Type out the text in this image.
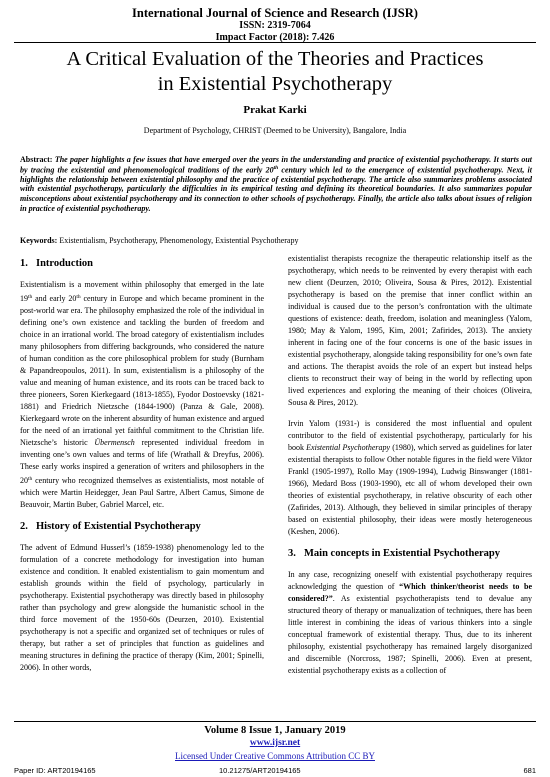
International Journal of Science and Research (IJSR)
ISSN: 2319-7064
Impact Factor (2018): 7.426
A Critical Evaluation of the Theories and Practices
in Existential Psychotherapy
Prakat Karki
Department of Psychology, CHRIST (Deemed to be University), Bangalore, India
Abstract: The paper highlights a few issues that have emerged over the years in the understanding and practice of existential psychotherapy. It starts out by tracing the existential and phenomenological traditions of the early 20th century which led to the emergence of existential psychotherapy. Next, it highlights the relationship between existential philosophy and the practice of existential psychotherapy. The article also summarizes problems associated with existential psychotherapy, particularly the difficulties in its empirical testing and defining its theoretical boundaries. It also summarizes popular misconceptions about existential psychotherapy and its connection to other schools of psychotherapy. Finally, the article also talks about issues of religion in practice of existential psychotherapy.
Keywords: Existentialism, Psychotherapy, Phenomenology, Existential Psychotherapy
1. Introduction

Existentialism is a movement within philosophy that emerged in the late 19th and early 20th century in Europe and which became prominent in the post-world war era. The philosophy emphasized the role of the individual in defining one’s own existence and tackling the burden of freedom and choice in an irrational world. The broad category of existentialism includes many philosophers from differing backgrounds, who considered the nature of human condition as the core philosophical problem for study (Burnham & Papandreopoulos, 2011). In sum, existentialism is a philosophy of the value and meaning of human existence, and its roots can be traced back to three pioneers, Soren Kierkegaard (1813-1855), Fyodor Dostoevsky (1821-1881) and Friedrich Nietzsche (1844-1900) (Panza & Gale, 2008). Kierkegaard wrote on the inherent absurdity of human existence and argued for the need of an irrational yet faithful commitment to the Christian life. Nietzsche’s historic Übermensch represented individual freedom in inventing one’s own values and terms of life (Wrathall & Dreyfus, 2006). These early works inspired a generation of writers and philosophers in the 20th century who recognized themselves as existentialists, most notable of which were Martin Heidegger, Jean Paul Sartre, Albert Camus, Simone de Beauvoir, Martin Buber, Gabriel Marcel, etc.

2. History of Existential Psychotherapy

The advent of Edmund Husserl’s (1859-1938) phenomenology led to the formulation of a concrete methodology for investigation into human existence and condition. It enabled existentialism to gain momentum and establish grounds within the field of psychology, particularly in psychotherapy. Existential psychotherapy was directly based in philosophy rather than psychology and grew alongside the humanistic school in the third force movement of the 1950-60s (Deurzen, 2010). Existential psychotherapy is not a specific and organized set of techniques or rules of therapy, but rather a set of principles that function as guidelines and meaning structures in defining the practice of therapy (Kim, 2001; Spinelli, 2006). In other words,

existentialist therapists recognize the therapeutic relationship itself as the psychotherapy, which needs to be reinvented by every therapist with each new client (Deurzen, 2010; Oliveira, Sousa & Pires, 2012). Existential psychotherapy is based on the premise that inner conflict within an individual is caused due to the person’s confrontation with the ultimate questions of existence: death, freedom, isolation and meaningless (Yalom, 1980; May & Yalom, 1995, Kim, 2001; Zafirides, 2013). The anxiety inherent in facing one of the four concerns is one of the basic issues in existential psychotherapy, alongside taking responsibility for one’s own fate and actions. The therapist avoids the role of an expert but instead helps clients to reconstruct their way of being in the world by reflecting upon lived experiences and exploring the meaning of their choices (Oliveira, Sousa & Pires, 2012).

Irvin Yalom (1931-) is considered the most influential and opulent contributor to the field of existential psychotherapy, particularly for his book Existential Psychotherapy (1980), which served as guidelines for later existential therapists to follow Other notable figures in the field were Viktor Frankl (1905-1997), Rollo May (1909-1994), Ludwig Binswanger (1881-1966), Medard Boss (1903-1990), etc all of whom developed their own theories of existential psychotherapy, in relative obscurity of each other (Zafirides, 2013). Although, they believed in similar principles of therapy based on existential philosophy, their ideas were mostly heterogeneous (Keshen, 2006).

3. Main concepts in Existential Psychotherapy

In any case, recognizing oneself with existential psychotherapy requires acknowledging the question of “Which thinker/theorist needs to be considered?”. As existential psychotherapists tend to devalue any structured theory of therapy or manualization of techniques, there has been little interest in combining the ideas of various thinkers into a single conceptual framework of existential therapy. Thus, due to its inherent philosophy, existential psychotherapy has remained largely disorganized and discernible (Norcross, 1987; Spinelli, 2006). Even at present, existential psychotherapy exists as a collection of

Volume 8 Issue 1, January 2019
www.ijsr.net
Licensed Under Creative Commons Attribution CC BY
Paper ID: ART20194165	10.21275/ART20194165	681
